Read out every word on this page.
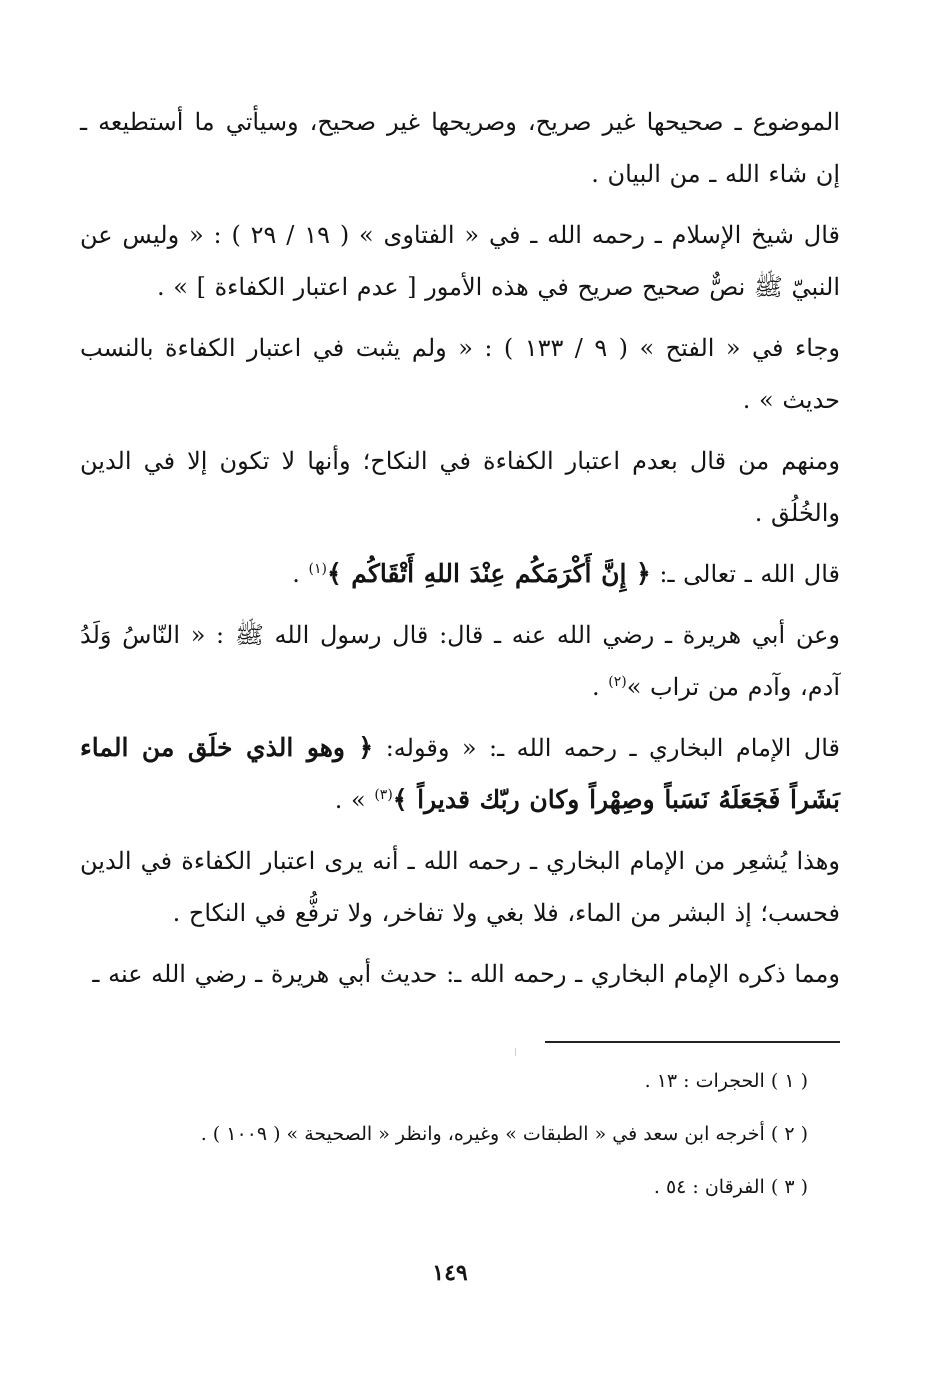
الموضوع ـ صحيحها غير صريح، وصريحها غير صحيح، وسيأتي ما أستطيعه ـ إن شاء الله ـ من البيان .

قال شيخ الإسلام ـ رحمه الله ـ في « الفتاوى » ( ١٩ / ٢٩ ) : « وليس عن النبيّ ﷺ نصٌّ صحيح صريح في هذه الأمور [ عدم اعتبار الكفاءة ] » .

وجاء في « الفتح » ( ٩ / ١٣٣ ) : « ولم يثبت في اعتبار الكفاءة بالنسب حديث » .

ومنهم من قال بعدم اعتبار الكفاءة في النكاح؛ وأنها لا تكون إلا في الدين والخُلُق .

قال الله ـ تعالى ـ: ﴿ إِنَّ أَكْرَمَكُم عِنْدَ اللهِ أَتْقَاكُم ﴾$^{(١)}$ .

وعن أبي هريرة ـ رضي الله عنه ـ قال: قال رسول الله ﷺ : « النّاسُ وَلَدُ آدم، وآدم من تراب »$^{(٢)}$ .

قال الإمام البخاري ـ رحمه الله ـ: « وقوله: ﴿ وهو الذي خلَق من الماء بَشَراً فَجَعَلَهُ نَسَباً وصِهْراً وكان ربّك قديراً ﴾$^{(٣)}$ » .

وهذا يُشعِر من الإمام البخاري ـ رحمه الله ـ أنه يرى اعتبار الكفاءة في الدين فحسب؛ إذ البشر من الماء، فلا بغي ولا تفاخر، ولا ترفُّع في النكاح .

ومما ذكره الإمام البخاري ـ رحمه الله ـ: حديث أبي هريرة ـ رضي الله عنه ـ

( ١ ) الحجرات : ١٣ .
( ٢ ) أخرجه ابن سعد في « الطبقات » وغيره، وانظر « الصحيحة » ( ١٠٠٩ ) .
( ٣ ) الفرقان : ٥٤ .
١٤٩
